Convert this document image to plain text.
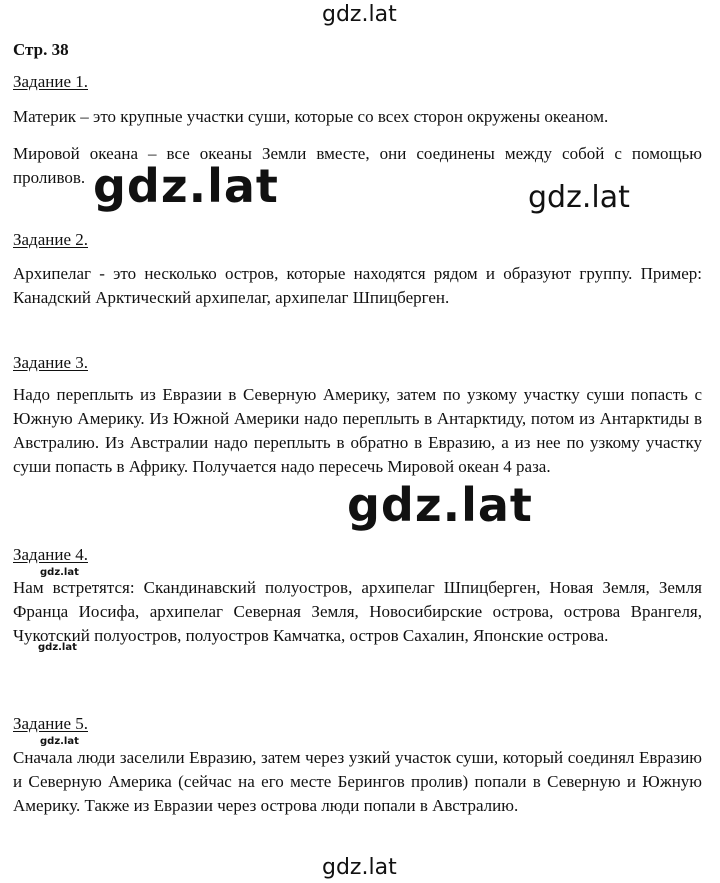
gdz.lat
gdz.lat	gdz.lat
gdz.lat
gdz.lat
gdz.lat
gdz.lat
gdz.lat
Стр. 38
Задание 1.

Материк – это крупные участки суши, которые со всех сторон окружены океаном.

Мировой океана – все океаны Земли вместе, они соединены между собой с помощью проливов.

Задание 2.

Архипелаг - это несколько остров, которые находятся рядом и образуют группу. Пример: Канадский Арктический архипелаг, архипелаг Шпицберген.

Задание 3.

Надо переплыть из Евразии в Северную Америку, затем по узкому участку суши попасть с Южную Америку. Из Южной Америки надо переплыть в Антарктиду, потом из Антарктиды в Австралию. Из Австралии надо переплыть в обратно в Евразию, а из нее по узкому участку суши попасть в Африку. Получается надо пересечь Мировой океан 4 раза.

Задание 4.

Нам встретятся: Скандинавский полуостров, архипелаг Шпицберген, Новая Земля, Земля Франца Иосифа, архипелаг Северная Земля, Новосибирские острова, острова Врангеля, Чукотский полуостров, полуостров Камчатка, остров Сахалин, Японские острова.

Задание 5.

Сначала люди заселили Евразию, затем через узкий участок суши, который соединял Евразию и Северную Америка (сейчас на его месте Берингов пролив) попали в Северную и Южную Америку. Также из Евразии через острова люди попали в Австралию.
